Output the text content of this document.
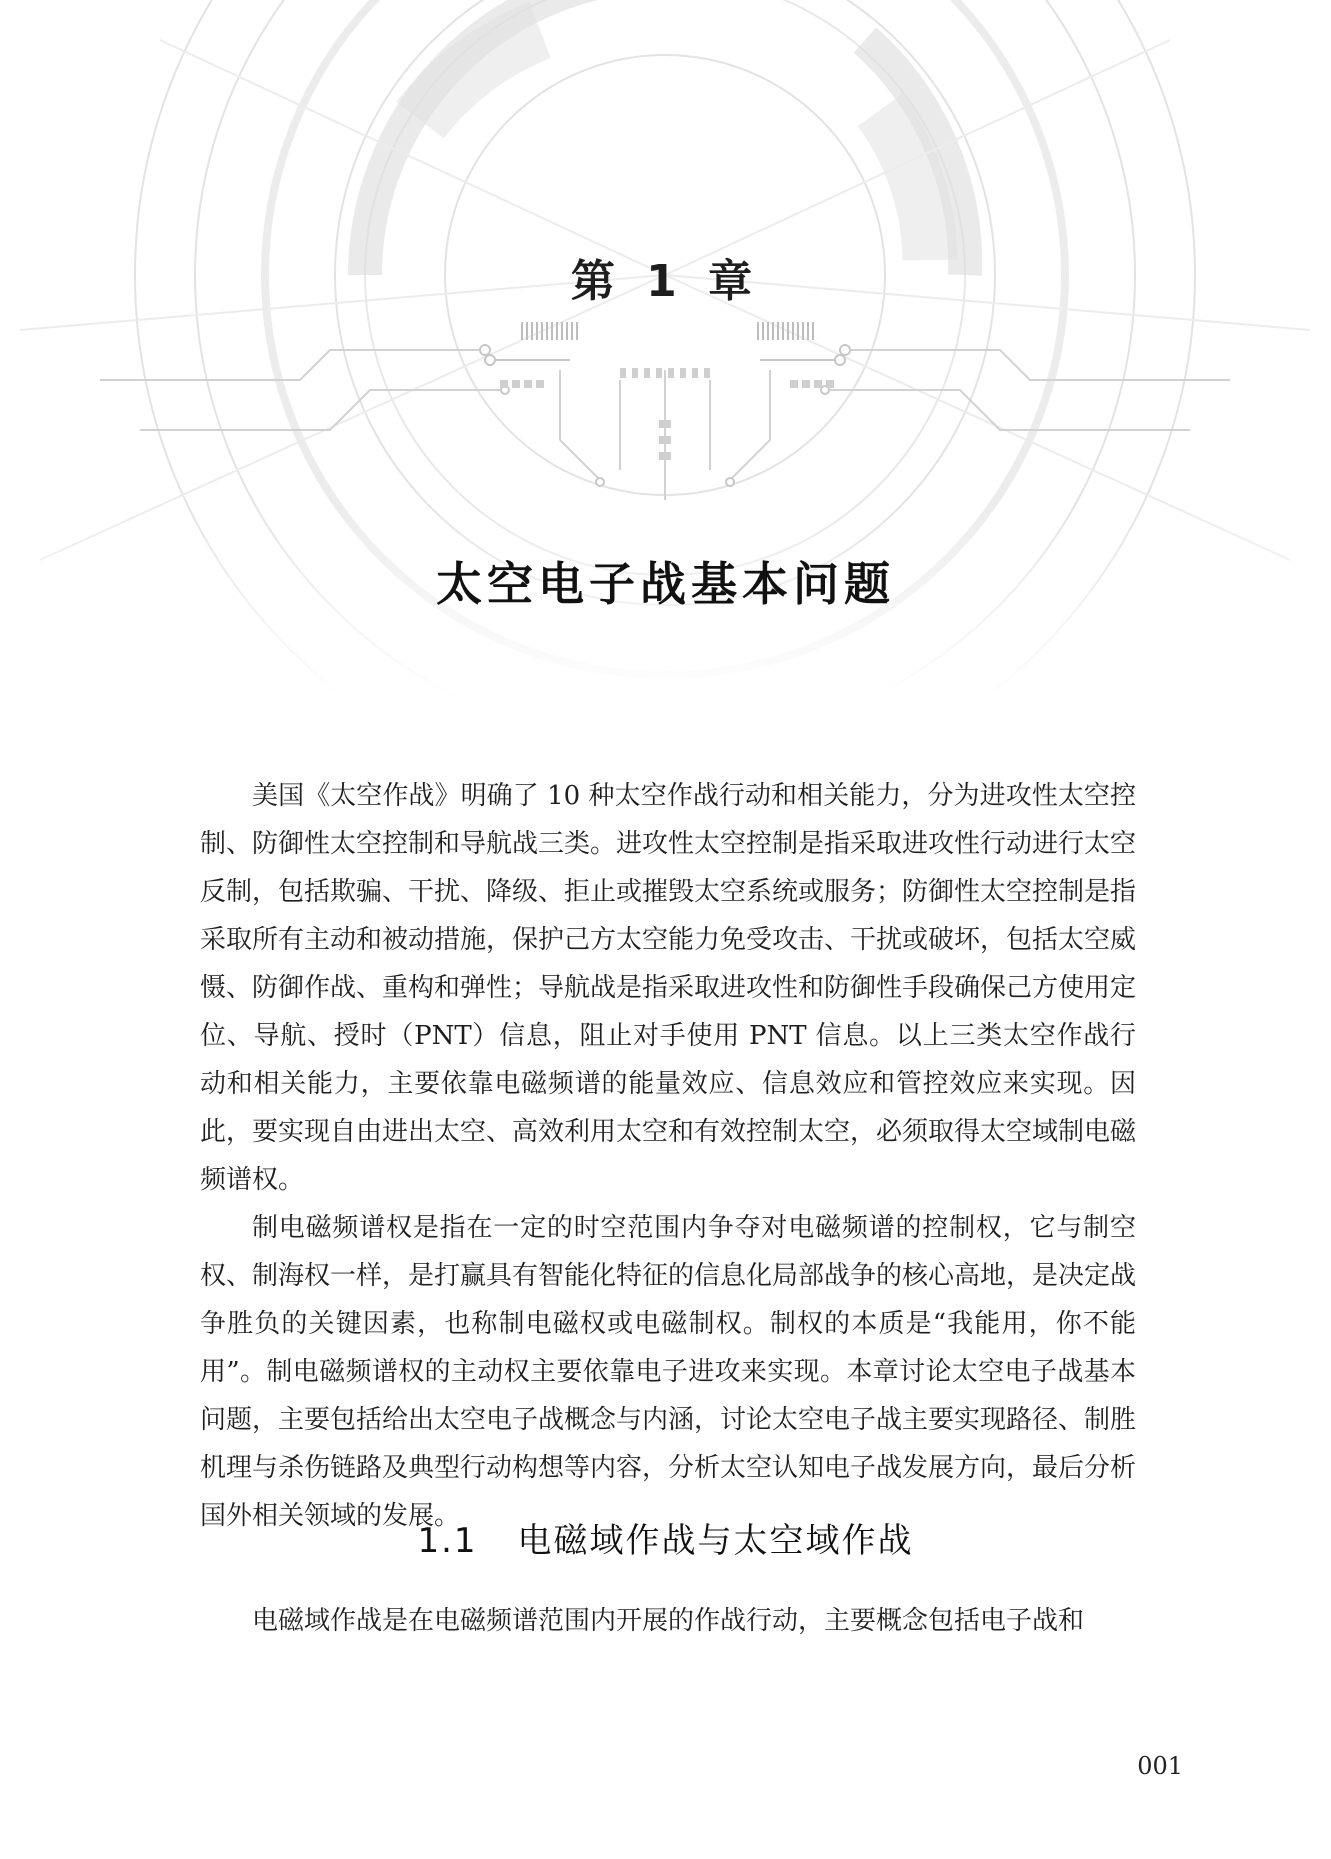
第 1 章
太空电子战基本问题

美国《太空作战》明确了 10 种太空作战行动和相关能力，分为进攻性太空控制、防御性太空控制和导航战三类。进攻性太空控制是指采取进攻性行动进行太空反制，包括欺骗、干扰、降级、拒止或摧毁太空系统或服务；防御性太空控制是指采取所有主动和被动措施，保护己方太空能力免受攻击、干扰或破坏，包括太空威慑、防御作战、重构和弹性；导航战是指采取进攻性和防御性手段确保己方使用定位、导航、授时（PNT）信息，阻止对手使用 PNT 信息。以上三类太空作战行动和相关能力，主要依靠电磁频谱的能量效应、信息效应和管控效应来实现。因此，要实现自由进出太空、高效利用太空和有效控制太空，必须取得太空域制电磁频谱权。

制电磁频谱权是指在一定的时空范围内争夺对电磁频谱的控制权，它与制空权、制海权一样，是打赢具有智能化特征的信息化局部战争的核心高地，是决定战争胜负的关键因素，也称制电磁权或电磁制权。制权的本质是“我能用，你不能用”。制电磁频谱权的主动权主要依靠电子进攻来实现。本章讨论太空电子战基本问题，主要包括给出太空电子战概念与内涵，讨论太空电子战主要实现路径、制胜机理与杀伤链路及典型行动构想等内容，分析太空认知电子战发展方向，最后分析国外相关领域的发展。

1.1 电磁域作战与太空域作战

电磁域作战是在电磁频谱范围内开展的作战行动，主要概念包括电子战和

001
